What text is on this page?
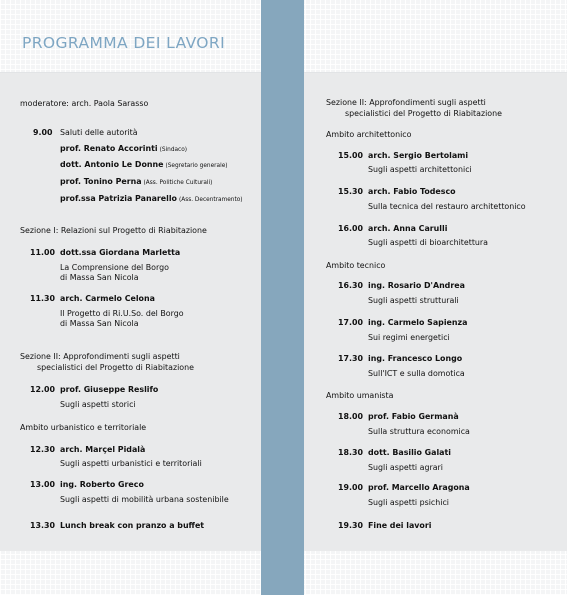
PROGRAMMA DEI LAVORI
moderatore: arch. Paola Sarasso
9.00 Saluti delle autorità
prof. Renato Accorinti (Sindaco)
dott. Antonio Le Donne (Segretario generale)
prof. Tonino Perna (Ass. Politiche Culturali)
prof.ssa Patrizia Panarello (Ass. Decentramento)
Sezione I: Relazioni sul Progetto di Riabitazione
11.00 dott.ssa Giordana Marletta
La Comprensione del Borgo
di Massa San Nicola
11.30 arch. Carmelo Celona
Il Progetto di Ri.U.So. del Borgo
di Massa San Nicola
Sezione II: Approfondimenti sugli aspetti
specialistici del Progetto di Riabitazione
12.00 prof. Giuseppe Reslifo
Sugli aspetti storici
Ambito urbanistico e territoriale
12.30 arch. Marçel Pidalà
Sugli aspetti urbanistici e territoriali
13.00 ing. Roberto Greco
Sugli aspetti di mobilità urbana sostenibile
13.30 Lunch break con pranzo a buffet
Sezione II: Approfondimenti sugli aspetti
specialistici del Progetto di Riabitazione
Ambito architettonico
15.00 arch. Sergio Bertolami
Sugli aspetti architettonici
15.30 arch. Fabio Todesco
Sulla tecnica del restauro architettonico
16.00 arch. Anna Carulli
Sugli aspetti di bioarchitettura
Ambito tecnico
16.30 ing. Rosario D'Andrea
Sugli aspetti strutturali
17.00 ing. Carmelo Sapienza
Sui regimi energetici
17.30 ing. Francesco Longo
Sull'ICT e sulla domotica
Ambito umanista
18.00 prof. Fabio Germanà
Sulla struttura economica
18.30 dott. Basilio Galati
Sugli aspetti agrari
19.00 prof. Marcello Aragona
Sugli aspetti psichici
19.30 Fine dei lavori
